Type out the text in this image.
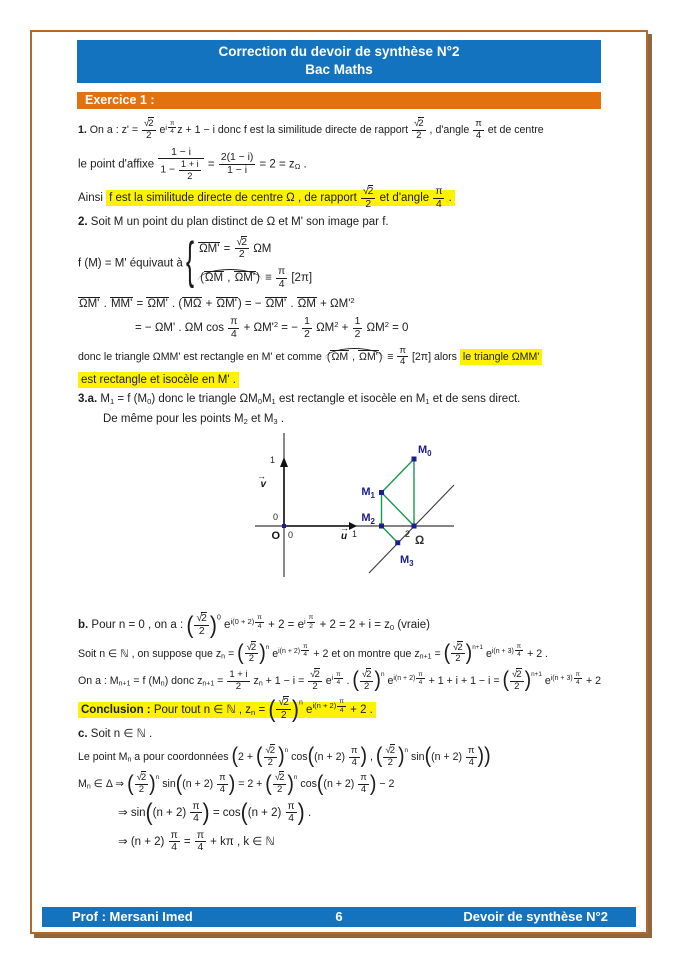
Correction du devoir de synthèse N°2
Bac Maths
Exercice 1 :
1. On a : $z' = \frac{√2}{2} e^{i \frac{\pi}{4}}$ z + 1 − i donc f est la similitude directe de rapport $\frac{√2}{2}$ , d'angle $\frac{\pi}{4}$ et de centre
le point d'affixe $\frac{1 - i}{1 - \frac{1 + i}{2}} = \frac{2(1 - i)}{1 - i} = 2 = z_\Omega$ .
Ainsi f est la similitude directe de centre Ω , de rapport $\frac{√2}{2}$ et d'angle $\frac{\pi}{4}$ .
2. Soit M un point du plan distinct de Ω et M' son image par f.
f (M) = M' équivaut à { $\Omega M' = \frac{√2}{2}$ ΩM
(ΩM , $\Omega M') \equiv \frac{\pi}{4} [2\pi]$
ΩM' . MM' = ΩM' . (MΩ + ΩM') = − ΩM' . $\Omega M + \Omega M'^2$
= − ΩM' . ΩM $\cos \frac{\pi}{4} + \Omega M'^2$ = − $\frac{1}{2} \Omega M^2 + \frac{1}{2} \Omega M^2 = 0$
donc le triangle ΩMM' est rectangle en M' et comme (ΩM , $\Omega M') \equiv \frac{\pi}{4} [2\pi]$ alors le triangle ΩMM'
est rectangle et isocèle en M' .
3.a. $M_1 = f$ $(M_0)$ donc le triangle $\Omega M_0M_1$ est rectangle et isocèle en $M_1$ et de sens direct.
De même pour les points $M_2$ et $M_3$ .
$M_0$
$M_1$
$M_2$
$M_3$
Ω
2
O 0
0
1
1
u
→
v
→
b. Pour n = 0 , on a : ( $\frac{√2}{2}$ ) $^0$ $e^{i(0 + 2) \frac{\pi}{4}} + 2 = e^{i \frac{\pi}{2}} + 2 = 2 + i = z_0$ (vraie)
Soit n ∈ ℕ , on suppose que $z_n$ = ( $\frac{√2}{2}$ ) $^n$ $e^{i(n + 2) \frac{\pi}{4}} + 2$ et on montre que $z_{n+1}$ = ( $\frac{√2}{2}$ ) $^{n+1}$ $e^{i(n + 3) \frac{\pi}{4}} + 2$ .
On a : $M_{n+1} = f$ $(M_n)$ donc $z_{n+1} = \frac{1 + i}{2} z_n + 1 - i = \frac{√2}{2} e^{i \frac{\pi}{4}}$ . ( $\frac{√2}{2}$ ) $^n$ $e^{i(n + 2) \frac{\pi}{4}} + 1 + i + 1 - i$ = ( $\frac{√2}{2}$ ) $^{n+1}$ $e^{i(n + 3) \frac{\pi}{4}} + 2$
Conclusion : Pour tout n ∈ ℕ , $z_n$ = ( $\frac{√2}{2}$ ) $^n$ $e^{i(n + 2) \frac{\pi}{4}} + 2$ .
c. Soit n ∈ ℕ .
Le point $M_n$ a pour coordonnées ( 2 + ( $\frac{√2}{2}$ ) $^n$ cos ( $(n + 2) \frac{\pi}{4}$ ) , ( $\frac{√2}{2}$ ) $^n$ sin ( $(n + 2) \frac{\pi}{4}$ ) )
$M_n$ ∈ Δ ⇒ ( $\frac{√2}{2}$ ) $^n$ sin ( $(n + 2) \frac{\pi}{4}$ ) = 2 + ( $\frac{√2}{2}$ ) $^n$ cos ( $(n + 2) \frac{\pi}{4}$ ) − 2
⇒ sin ( $(n + 2) \frac{\pi}{4}$ ) = cos ( $(n + 2) \frac{\pi}{4}$ ) .
⇒ $(n + 2) \frac{\pi}{4} = \frac{\pi}{4} + k\pi$ , k ∈ ℕ
Prof : Mersani Imed	6	Devoir de synthèse N°2
